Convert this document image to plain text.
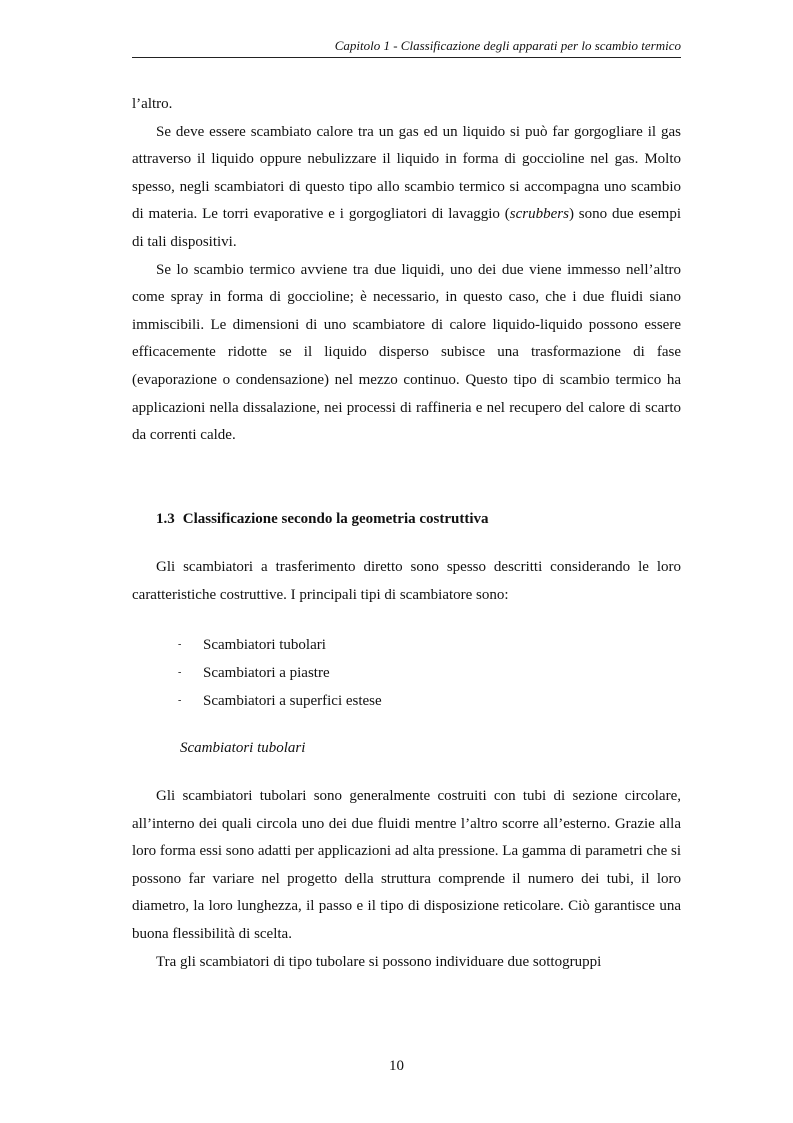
Capitolo 1 - Classificazione degli apparati per lo scambio termico

l’altro.

Se deve essere scambiato calore tra un gas ed un liquido si può far gorgogliare il gas attraverso il liquido oppure nebulizzare il liquido in forma di goccioline nel gas. Molto spesso, negli scambiatori di questo tipo allo scambio termico si accompagna uno scambio di materia. Le torri evaporative e i gorgogliatori di lavaggio (scrubbers) sono due esempi di tali dispositivi.

Se lo scambio termico avviene tra due liquidi, uno dei due viene immesso nell’altro come spray in forma di goccioline; è necessario, in questo caso, che i due fluidi siano immiscibili. Le dimensioni di uno scambiatore di calore liquido-liquido possono essere efficacemente ridotte se il liquido disperso subisce una trasformazione di fase (evaporazione o condensazione) nel mezzo continuo. Questo tipo di scambio termico ha applicazioni nella dissalazione, nei processi di raffineria e nel recupero del calore di scarto da correnti calde.

1.3 Classificazione secondo la geometria costruttiva

Gli scambiatori a trasferimento diretto sono spesso descritti considerando le loro caratteristiche costruttive. I principali tipi di scambiatore sono:

- Scambiatori tubolari
- Scambiatori a piastre
- Scambiatori a superfici estese

Scambiatori tubolari

Gli scambiatori tubolari sono generalmente costruiti con tubi di sezione circolare, all’interno dei quali circola uno dei due fluidi mentre l’altro scorre all’esterno. Grazie alla loro forma essi sono adatti per applicazioni ad alta pressione. La gamma di parametri che si possono far variare nel progetto della struttura comprende il numero dei tubi, il loro diametro, la loro lunghezza, il passo e il tipo di disposizione reticolare. Ciò garantisce una buona flessibilità di scelta.

Tra gli scambiatori di tipo tubolare si possono individuare due sottogruppi

10
